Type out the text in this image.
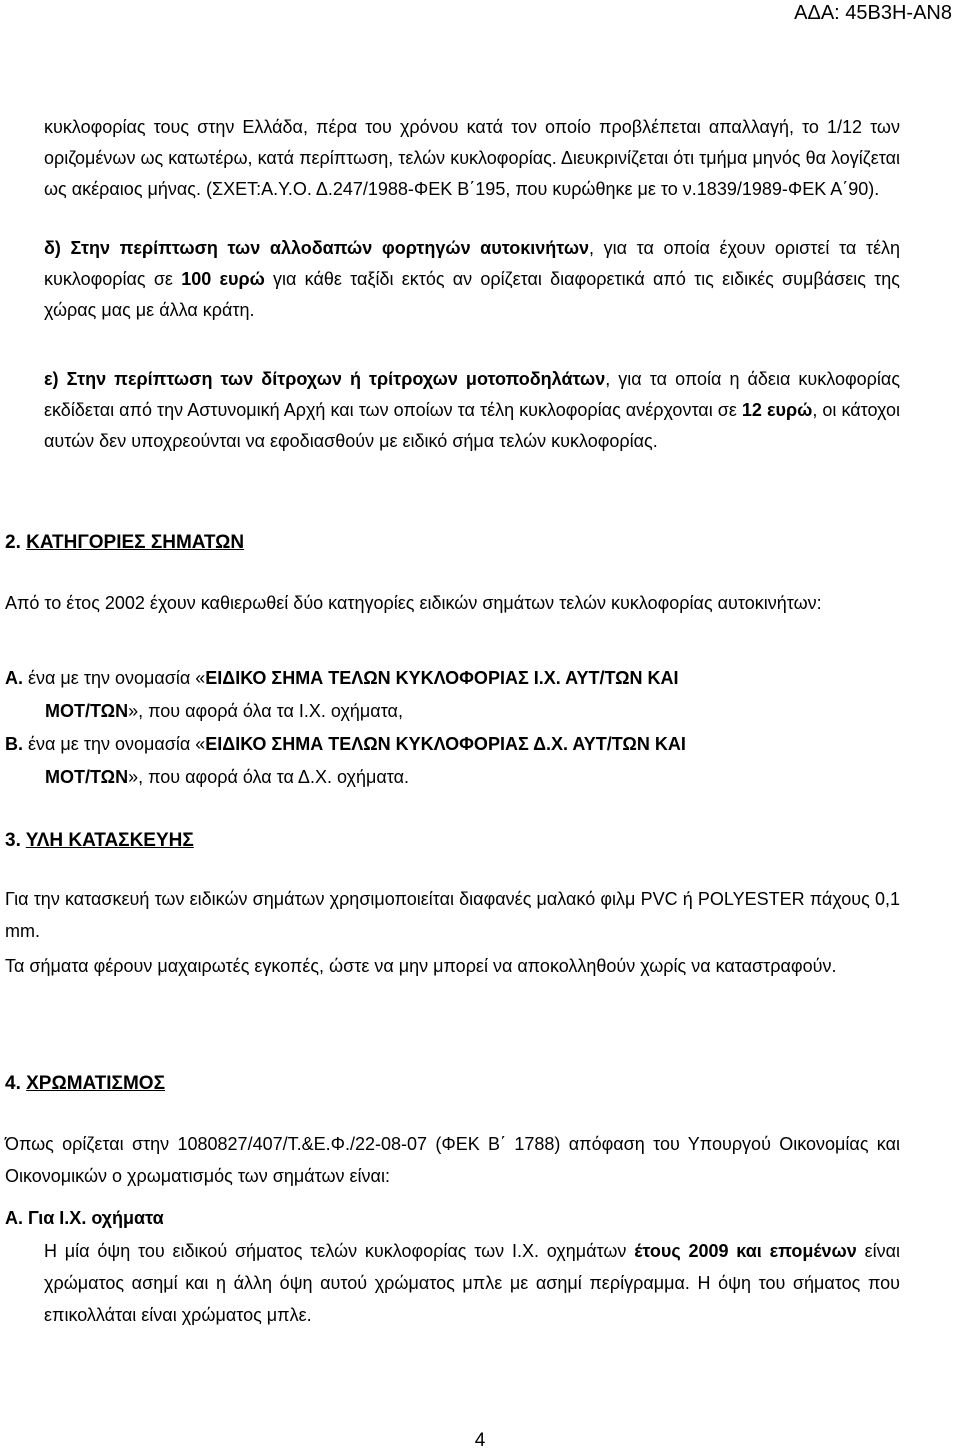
ΑΔΑ: 45Β3Η-ΑΝ8

κυκλοφορίας τους στην Ελλάδα, πέρα του χρόνου κατά τον οποίο προβλέπεται απαλλαγή, το 1/12 των οριζομένων ως κατωτέρω, κατά περίπτωση, τελών κυκλοφορίας. Διευκρινίζεται ότι τμήμα μηνός θα λογίζεται ως ακέραιος μήνας. (ΣΧΕΤ:Α.Υ.Ο. Δ.247/1988-ΦΕΚ Β΄195, που κυρώθηκε με το ν.1839/1989-ΦΕΚ Α΄90).

δ) Στην περίπτωση των αλλοδαπών φορτηγών αυτοκινήτων, για τα οποία έχουν οριστεί τα τέλη κυκλοφορίας σε 100 ευρώ για κάθε ταξίδι εκτός αν ορίζεται διαφορετικά από τις ειδικές συμβάσεις της χώρας μας με άλλα κράτη.

ε) Στην περίπτωση των δίτροχων ή τρίτροχων μοτοποδηλάτων, για τα οποία η άδεια κυκλοφορίας εκδίδεται από την Αστυνομική Αρχή και των οποίων τα τέλη κυκλοφορίας ανέρχονται σε 12 ευρώ, οι κάτοχοι αυτών δεν υποχρεούνται να εφοδιασθούν με ειδικό σήμα τελών κυκλοφορίας.

2. ΚΑΤΗΓΟΡΙΕΣ ΣΗΜΑΤΩΝ

Από το έτος 2002 έχουν καθιερωθεί δύο κατηγορίες ειδικών σημάτων τελών κυκλοφορίας αυτοκινήτων:

Α. ένα με την ονομασία «ΕΙΔΙΚΟ ΣΗΜΑ ΤΕΛΩΝ ΚΥΚΛΟΦΟΡΙΑΣ Ι.Χ. ΑΥΤ/ΤΩΝ ΚΑΙ
ΜΟΤ/ΤΩΝ», που αφορά όλα τα Ι.Χ. οχήματα,
Β. ένα με την ονομασία «ΕΙΔΙΚΟ ΣΗΜΑ ΤΕΛΩΝ ΚΥΚΛΟΦΟΡΙΑΣ Δ.Χ. ΑΥΤ/ΤΩΝ ΚΑΙ
ΜΟΤ/ΤΩΝ», που αφορά όλα τα Δ.Χ. οχήματα.

3. ΥΛΗ ΚΑΤΑΣΚΕΥΗΣ

Για την κατασκευή των ειδικών σημάτων χρησιμοποιείται διαφανές μαλακό φιλμ PVC ή POLYESTER πάχους 0,1 mm.

Τα σήματα φέρουν μαχαιρωτές εγκοπές, ώστε να μην μπορεί να αποκολληθούν χωρίς να καταστραφούν.

4. ΧΡΩΜΑΤΙΣΜΟΣ

Όπως ορίζεται στην 1080827/407/Τ.&Ε.Φ./22-08-07 (ΦΕΚ Β΄ 1788) απόφαση του Υπουργού Οικονομίας και Οικονομικών ο χρωματισμός των σημάτων είναι:

Α. Για Ι.Χ. οχήματα

Η μία όψη του ειδικού σήματος τελών κυκλοφορίας των Ι.Χ. οχημάτων έτους 2009 και επομένων είναι χρώματος ασημί και η άλλη όψη αυτού χρώματος μπλε με ασημί περίγραμμα. Η όψη του σήματος που επικολλάται είναι χρώματος μπλε.

4
